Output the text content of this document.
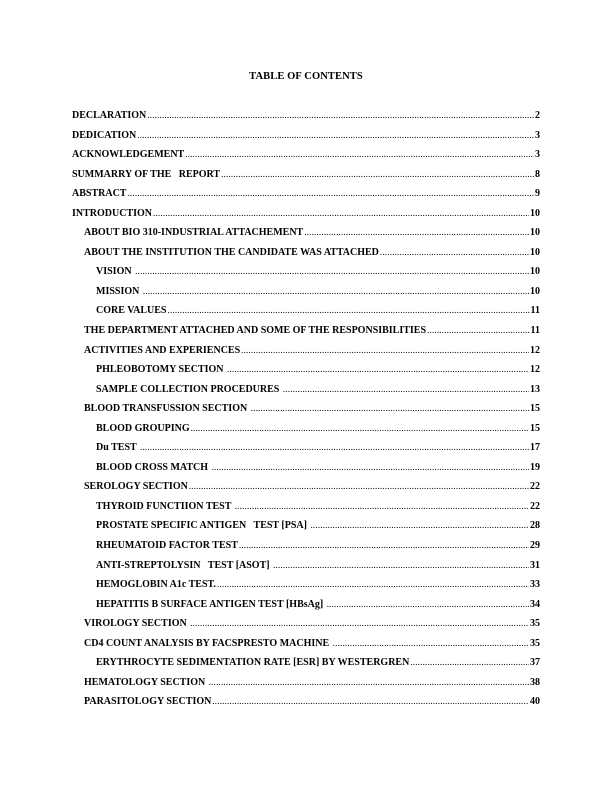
TABLE OF CONTENTS
DECLARATION .....	2
DEDICATION .....	3
ACKNOWLEDGEMENT .....	3
SUMMARRY OF THE   REPORT .....	8
ABSTRACT .....	9
INTRODUCTION .....	10
ABOUT BIO 310-INDUSTRIAL ATTACHEMENT .....	10
ABOUT THE INSTITUTION THE CANDIDATE WAS ATTACHED .....	10
VISION .....	10
MISSION .....	10
CORE VALUES .....	11
THE DEPARTMENT ATTACHED AND SOME OF THE RESPONSIBILITIES .....	11
ACTIVITIES AND EXPERIENCES .....	12
PHLEOBOTOMY SECTION .....	12
SAMPLE COLLECTION PROCEDURES .....	13
BLOOD TRANSFUSSION SECTION .....	15
BLOOD GROUPING .....	15
Du TEST .....	17
BLOOD CROSS MATCH .....	19
SEROLOGY SECTION .....	22
THYROID FUNCTIION TEST .....	22
PROSTATE SPECIFIC ANTIGEN   TEST [PSA] .....	28
RHEUMATOID FACTOR TEST .....	29
ANTI-STREPTOLYSIN   TEST [ASOT] .....	31
HEMOGLOBIN A1c TEST. .....	33
HEPATITIS B SURFACE ANTIGEN TEST [HBsAg] .....	34
VIROLOGY SECTION .....	35
CD4 COUNT ANALYSIS BY FACSPRESTO MACHINE .....	35
ERYTHROCYTE SEDIMENTATION RATE [ESR] BY WESTERGREN .....	37
HEMATOLOGY SECTION .....	38
PARASITOLOGY SECTION .....	40
